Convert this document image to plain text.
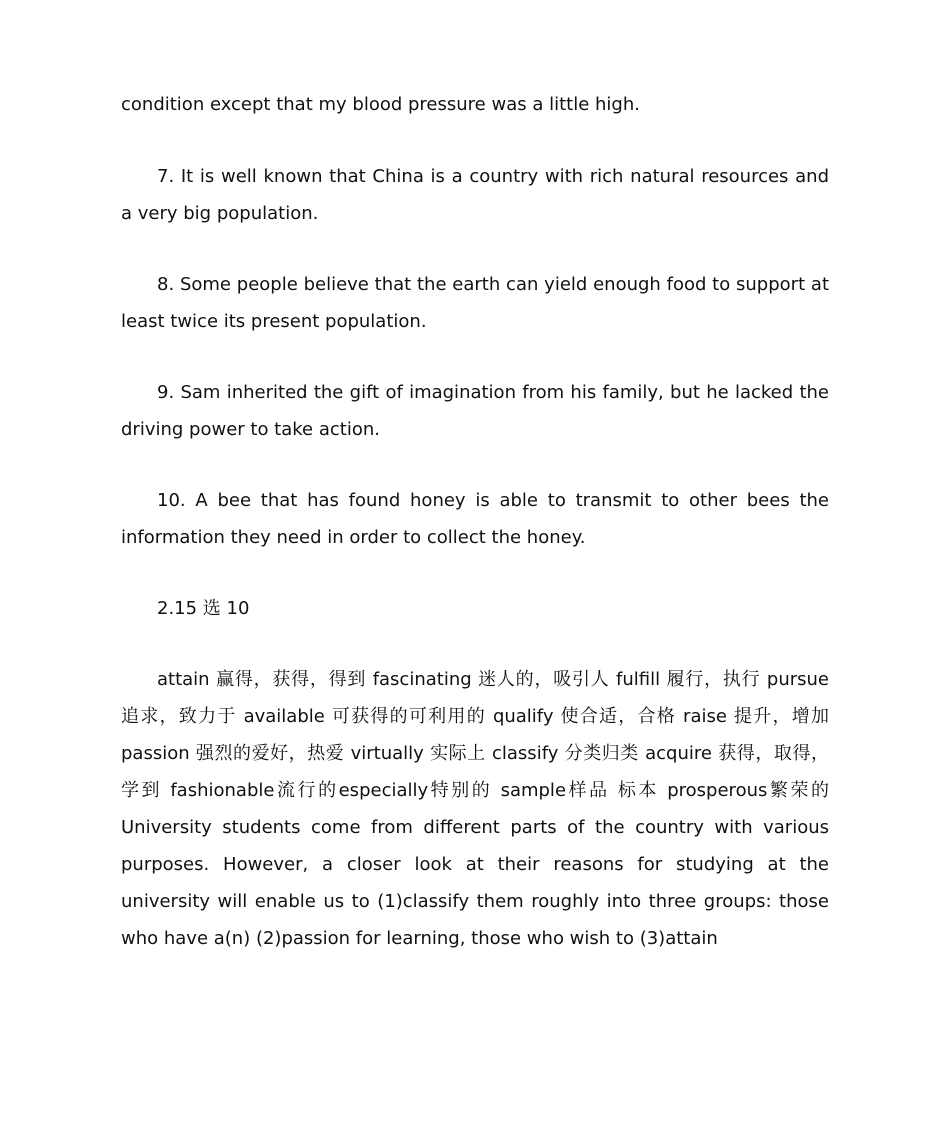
condition except that my blood pressure was a little high.

7. It is well known that China is a country with rich natural resources and a very big population.

8. Some people believe that the earth can yield enough food to support at least twice its present population.

9. Sam inherited the gift of imagination from his family, but he lacked the driving power to take action.

10. A bee that has found honey is able to transmit to other bees the information they need in order to collect the honey.

2.15 选 10

attain 赢得，获得，得到 fascinating 迷人的，吸引人 fulfill 履行，执行 pursue 追求，致力于 available 可获得的可利用的 qualify 使合适，合格 raise 提升，增加 passion 强烈的爱好，热爱 virtually 实际上 classify 分类归类 acquire 获得，取得，学到 fashionable流行的especially特别的 sample样品 标本 prosperous繁荣的University students come from different parts of the country with various purposes. However, a closer look at their reasons for studying at the university will enable us to (1)classify them roughly into three groups: those who have a(n) (2)passion for learning, those who wish to (3)attain
